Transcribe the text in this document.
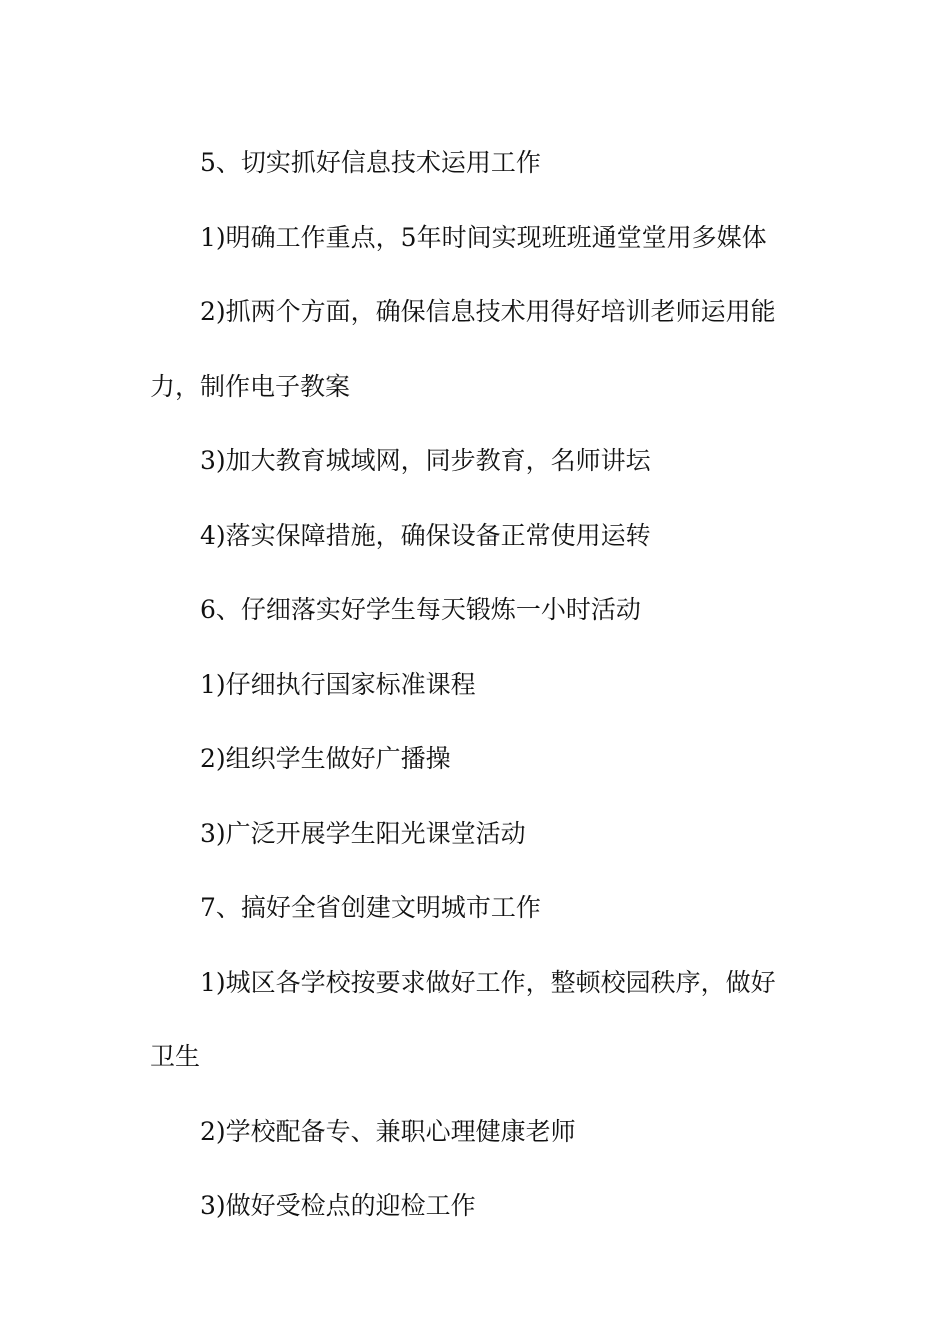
5、切实抓好信息技术运用工作

1)明确工作重点，5年时间实现班班通堂堂用多媒体

2)抓两个方面，确保信息技术用得好培训老师运用能力，制作电子教案

3)加大教育城域网，同步教育，名师讲坛

4)落实保障措施，确保设备正常使用运转

6、仔细落实好学生每天锻炼一小时活动

1)仔细执行国家标准课程

2)组织学生做好广播操

3)广泛开展学生阳光课堂活动

7、搞好全省创建文明城市工作

1)城区各学校按要求做好工作，整顿校园秩序，做好卫生

2)学校配备专、兼职心理健康老师

3)做好受检点的迎检工作
